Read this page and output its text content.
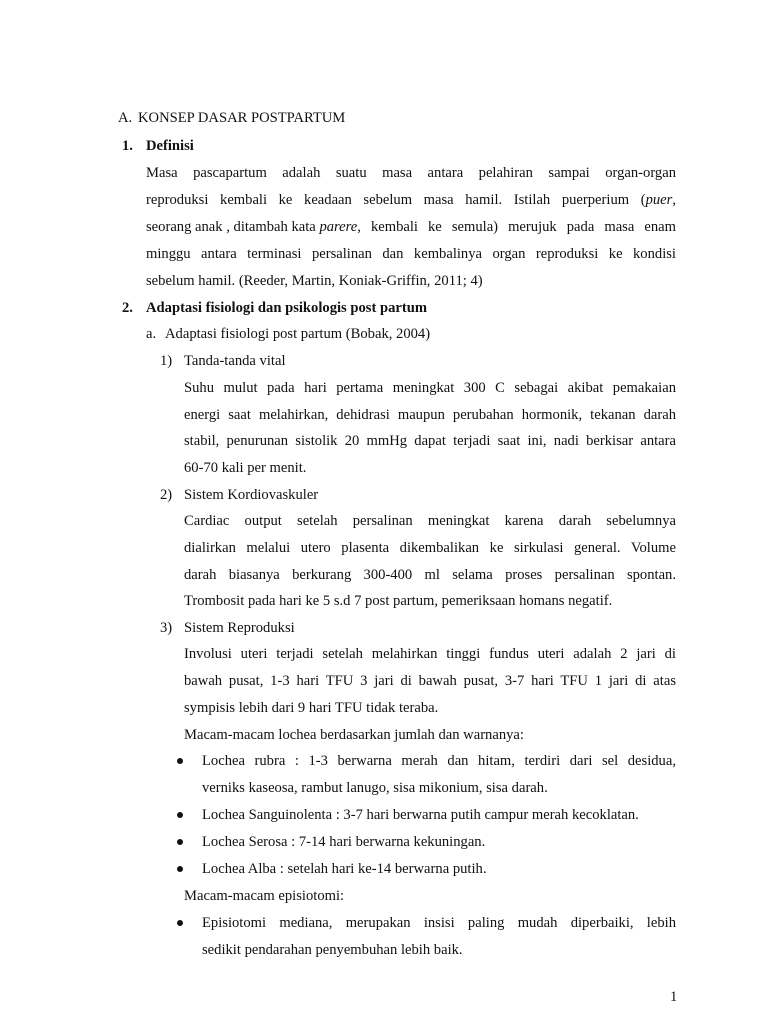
A. KONSEP DASAR POSTPARTUM
1. Definisi
Masa pascapartum adalah suatu masa antara pelahiran sampai organ-organ
reproduksi kembali ke keadaan sebelum masa hamil. Istilah puerperium ( puer ,
seorang anak , ditambah kata parere , kembali ke semula) merujuk pada masa enam
minggu antara terminasi persalinan dan kembalinya organ reproduksi ke kondisi
sebelum hamil. (Reeder, Martin, Koniak-Griffin, 2011; 4)
2. Adaptasi fisiologi dan psikologis post partum
a. Adaptasi fisiologi post partum (Bobak, 2004)
1) Tanda-tanda vital
Suhu mulut pada hari pertama meningkat 300 C sebagai akibat pemakaian
energi saat melahirkan, dehidrasi maupun perubahan hormonik, tekanan darah
stabil, penurunan sistolik 20 mmHg dapat terjadi saat ini, nadi berkisar antara
60-70 kali per menit.
2) Sistem Kordiovaskuler
Cardiac output setelah persalinan meningkat karena darah sebelumnya
dialirkan melalui utero plasenta dikembalikan ke sirkulasi general. Volume
darah biasanya berkurang 300-400 ml selama proses persalinan spontan.
Trombosit pada hari ke 5 s.d 7 post partum, pemeriksaan homans negatif.
3) Sistem Reproduksi
Involusi uteri terjadi setelah melahirkan tinggi fundus uteri adalah 2 jari di
bawah pusat, 1-3 hari TFU 3 jari di bawah pusat, 3-7 hari TFU 1 jari di atas
sympisis lebih dari 9 hari TFU tidak teraba.
Macam-macam lochea berdasarkan jumlah dan warnanya:
Lochea rubra : 1-3 berwarna merah dan hitam, terdiri dari sel desidua,
verniks kaseosa, rambut lanugo, sisa mikonium, sisa darah.
Lochea Sanguinolenta : 3-7 hari berwarna putih campur merah kecoklatan.
Lochea Serosa : 7-14 hari berwarna kekuningan.
Lochea Alba : setelah hari ke-14 berwarna putih.
Macam-macam episiotomi:
Episiotomi mediana, merupakan insisi paling mudah diperbaiki, lebih
sedikit pendarahan penyembuhan lebih baik.
1
